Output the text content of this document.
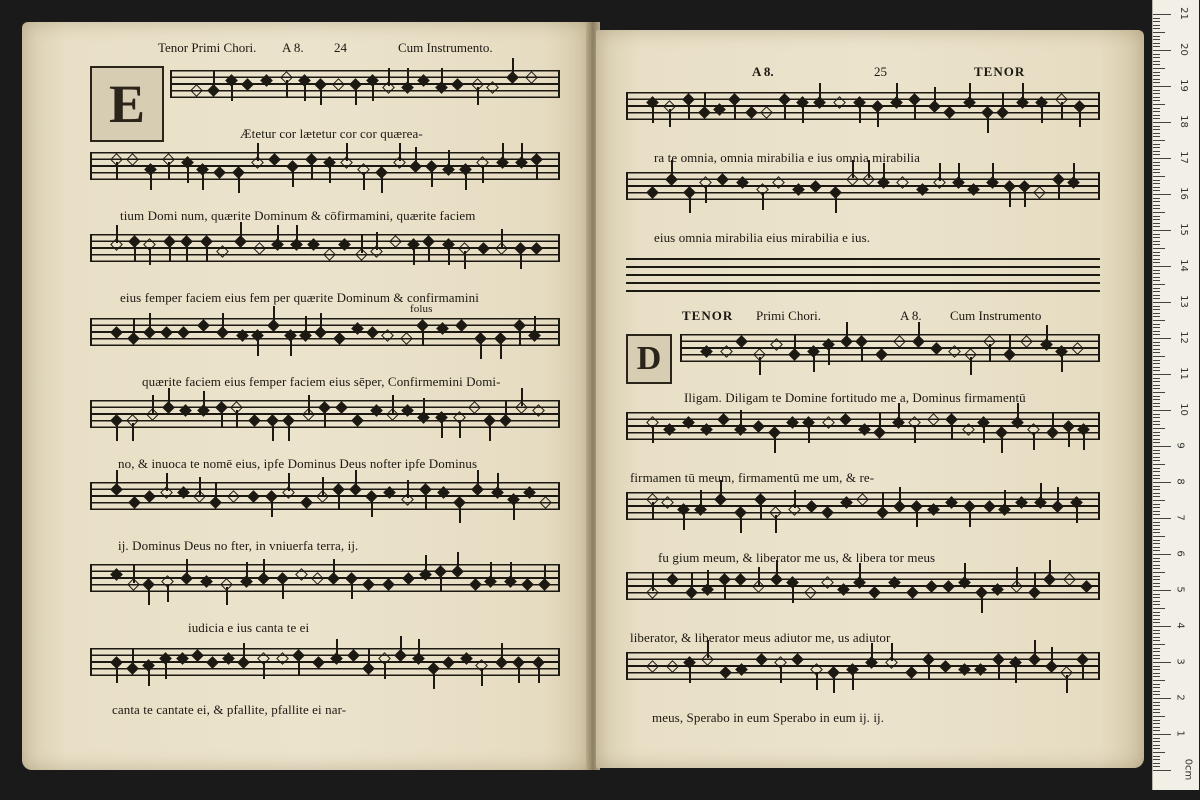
Tenor Primi Chori. A 8. 24	Cum Instrumento.
E	Ætetur cor lætetur cor cor quærea-
tium Domi num, quærite Dominum & cōfirmamini, quærite faciem
eius femper faciem eius fem per quærite Dominum & confirmamini
folus
quærite faciem eius femper faciem eius sēper, Confirmemini Domi-
no, & inuoca te nomē eius, ipfe Dominus Deus nofter ipfe Dominus
ij. Dominus Deus no fter, in vniuerfa terra, ij.
iudicia e ius canta te ei
canta te cantate ei, & pfallite, pfallite ei nar-
A 8.	25	TENOR
ra te omnia, omnia mirabilia e ius omnia mirabilia
eius omnia mirabilia eius mirabilia e ius.
TENOR Primi Chori.	A 8. Cum Instrumento
D
Iligam. Diligam te Domine fortitudo me a, Dominus firmamentū
firmamen tū meum, firmamentū me um, & re-
fu gium meum, & liberator me us, & libera tor meus
liberator, & liberator meus adiutor me, us adiutor
meus, Sperabo in eum Sperabo in eum ij. ij.
0cm
1
2
3
4
5
6
7
8
9
10
11
12
13
14
15
16
17
18
19
20
21
